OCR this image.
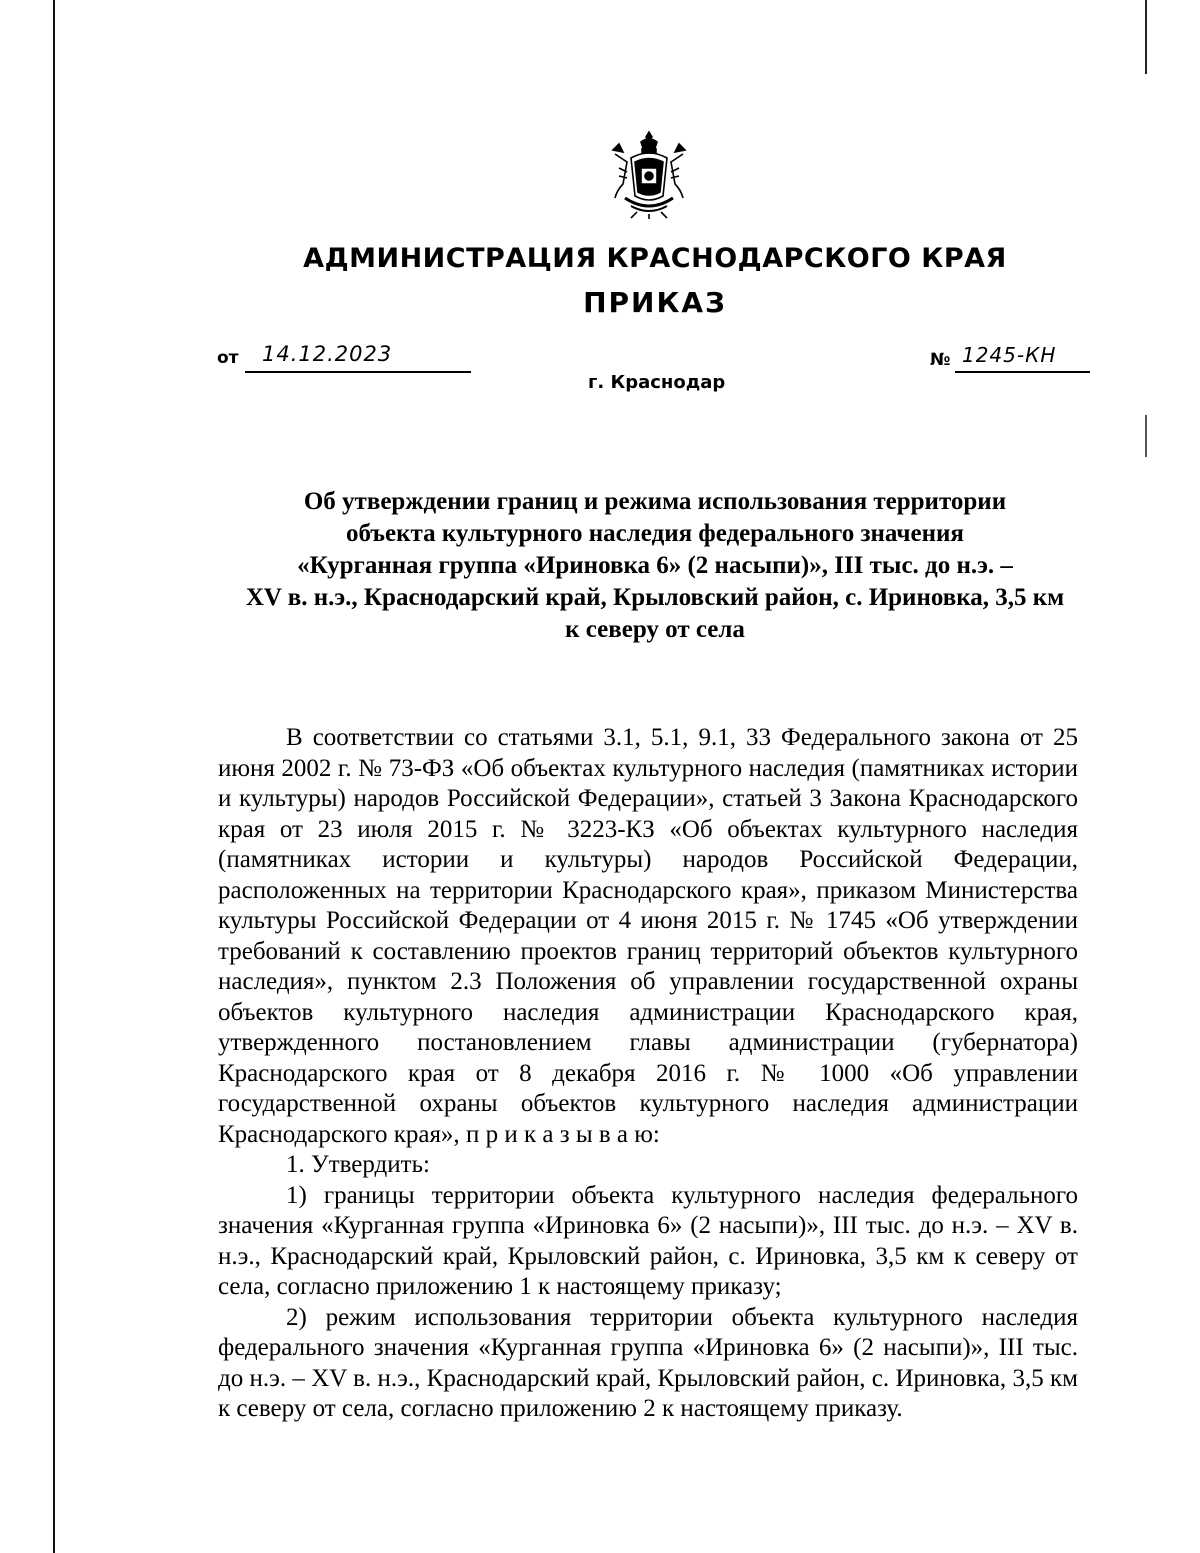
АДМИНИСТРАЦИЯ КРАСНОДАРСКОГО КРАЯ
ПРИКАЗ
от 14.12.2023
г. Краснодар
№ 1245-КН
Об утверждении границ и режима использования территории
объекта культурного наследия федерального значения
«Курганная группа «Ириновка 6» (2 насыпи)», III тыс. до н.э. –
XV в. н.э., Краснодарский край, Крыловский район, с. Ириновка, 3,5 км
к северу от села

В соответствии со статьями 3.1, 5.1, 9.1, 33 Федерального закона от 25 июня 2002 г. № 73-ФЗ «Об объектах культурного наследия (памятниках истории и культуры) народов Российской Федерации», статьей 3 Закона Краснодарского края от 23 июля 2015 г. № 3223-КЗ «Об объектах культурного наследия (памятниках истории и культуры) народов Российской Федерации, расположенных на территории Краснодарского края», приказом Министерства культуры Российской Федерации от 4 июня 2015 г. № 1745 «Об утверждении требований к составлению проектов границ территорий объектов культурного наследия», пунктом 2.3 Положения об управлении государственной охраны объектов культурного наследия администрации Краснодарского края, утвержденного постановлением главы администрации (губернатора) Краснодарского края от 8 декабря 2016 г. № 1000 «Об управлении государственной охраны объектов культурного наследия администрации Краснодарского края», п р и к а з ы в а ю:

1. Утвердить:

1) границы территории объекта культурного наследия федерального значения «Курганная группа «Ириновка 6» (2 насыпи)», III тыс. до н.э. – XV в. н.э., Краснодарский край, Крыловский район, с. Ириновка, 3,5 км к северу от села, согласно приложению 1 к настоящему приказу;

2) режим использования территории объекта культурного наследия федерального значения «Курганная группа «Ириновка 6» (2 насыпи)», III тыс. до н.э. – XV в. н.э., Краснодарский край, Крыловский район, с. Ириновка, 3,5 км к северу от села, согласно приложению 2 к настоящему приказу.
